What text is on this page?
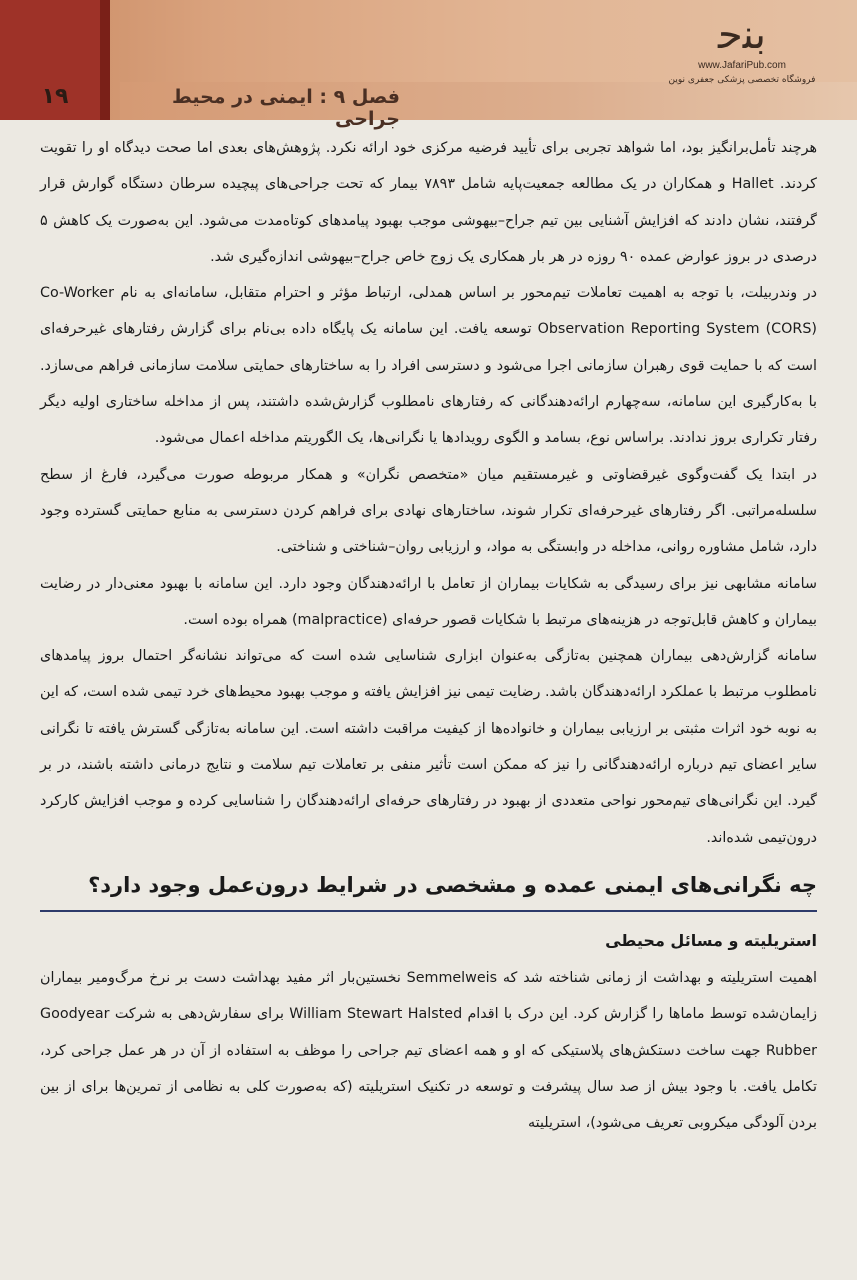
۱۹	فصل ۹ : ایمنی در محیط جراحی
ﺑﻨﺣ
www.JafariPub.com
فروشگاه تخصصی پزشکی جعفری نوین

هرچند تأمل‌برانگیز بود، اما شواهد تجربی برای تأیید فرضیه مرکزی خود ارائه نکرد. پژوهش‌های بعدی اما صحت دیدگاه او را تقویت کردند. Hallet و همکاران در یک مطالعه جمعیت‌پایه شامل ۷۸۹۳ بیمار که تحت جراحی‌های پیچیده سرطان دستگاه گوارش قرار گرفتند، نشان دادند که افزایش آشنایی بین تیم جراح–بیهوشی موجب بهبود پیامدهای کوتاه‌مدت می‌شود. این به‌صورت یک کاهش ۵ درصدی در بروز عوارض عمده ۹۰ روزه در هر بار همکاری یک زوج خاص جراح–بیهوشی اندازه‌گیری شد.

در وندربیلت، با توجه به اهمیت تعاملات تیم‌محور بر اساس همدلی، ارتباط مؤثر و احترام متقابل، سامانه‌ای به نام Co-Worker Observation Reporting System (CORS) توسعه یافت. این سامانه یک پایگاه داده بی‌نام برای گزارش رفتارهای غیرحرفه‌ای است که با حمایت قوی رهبران سازمانی اجرا می‌شود و دسترسی افراد را به ساختارهای حمایتی سلامت سازمانی فراهم می‌سازد. با به‌کارگیری این سامانه، سه‌چهارم ارائه‌دهندگانی که رفتارهای نامطلوب گزارش‌شده داشتند، پس از مداخله ساختاری اولیه دیگر رفتار تکراری بروز ندادند. براساس نوع، بسامد و الگوی رویدادها یا نگرانی‌ها، یک الگوریتم مداخله اعمال می‌شود.

در ابتدا یک گفت‌وگوی غیرقضاوتی و غیرمستقیم میان «متخصص نگران» و همکار مربوطه صورت می‌گیرد، فارغ از سطح سلسله‌مراتبی. اگر رفتارهای غیرحرفه‌ای تکرار شوند، ساختارهای نهادی برای فراهم کردن دسترسی به منابع حمایتی گسترده وجود دارد، شامل مشاوره روانی، مداخله در وابستگی به مواد، و ارزیابی روان–شناختی و شناختی.

سامانه مشابهی نیز برای رسیدگی به شکایات بیماران از تعامل با ارائه‌دهندگان وجود دارد. این سامانه با بهبود معنی‌دار در رضایت بیماران و کاهش قابل‌توجه در هزینه‌های مرتبط با شکایات قصور حرفه‌ای (malpractice) همراه بوده است.

سامانه گزارش‌دهی بیماران همچنین به‌تازگی به‌عنوان ابزاری شناسایی شده است که می‌تواند نشانه‌گر احتمال بروز پیامدهای نامطلوب مرتبط با عملکرد ارائه‌دهندگان باشد. رضایت تیمی نیز افزایش یافته و موجب بهبود محیط‌های خرد تیمی شده است، که این به نوبه خود اثرات مثبتی بر ارزیابی بیماران و خانواده‌ها از کیفیت مراقبت داشته است. این سامانه به‌تازگی گسترش یافته تا نگرانی سایر اعضای تیم درباره ارائه‌دهندگانی را نیز که ممکن است تأثیر منفی بر تعاملات تیم سلامت و نتایج درمانی داشته باشند، در بر گیرد. این نگرانی‌های تیم‌محور نواحی متعددی از بهبود در رفتارهای حرفه‌ای ارائه‌دهندگان را شناسایی کرده و موجب افزایش کارکرد درون‌تیمی شده‌اند.

چه نگرانی‌های ایمنی عمده و مشخصی در شرایط درون‌عمل وجود دارد؟
استریلیته و مسائل محیطی

اهمیت استریلیته و بهداشت از زمانی شناخته شد که Semmelweis نخستین‌بار اثر مفید بهداشت دست بر نرخ مرگ‌ومیر بیماران زایمان‌شده توسط ماماها را گزارش کرد. این درک با اقدام William Stewart Halsted برای سفارش‌دهی به شرکت Goodyear Rubber جهت ساخت دستکش‌های پلاستیکی که او و همه اعضای تیم جراحی را موظف به استفاده از آن در هر عمل جراحی کرد، تکامل یافت. با وجود بیش از صد سال پیشرفت و توسعه در تکنیک استریلیته (که به‌صورت کلی به نظامی از تمرین‌ها برای از بین بردن آلودگی میکروبی تعریف می‌شود)، استریلیته
